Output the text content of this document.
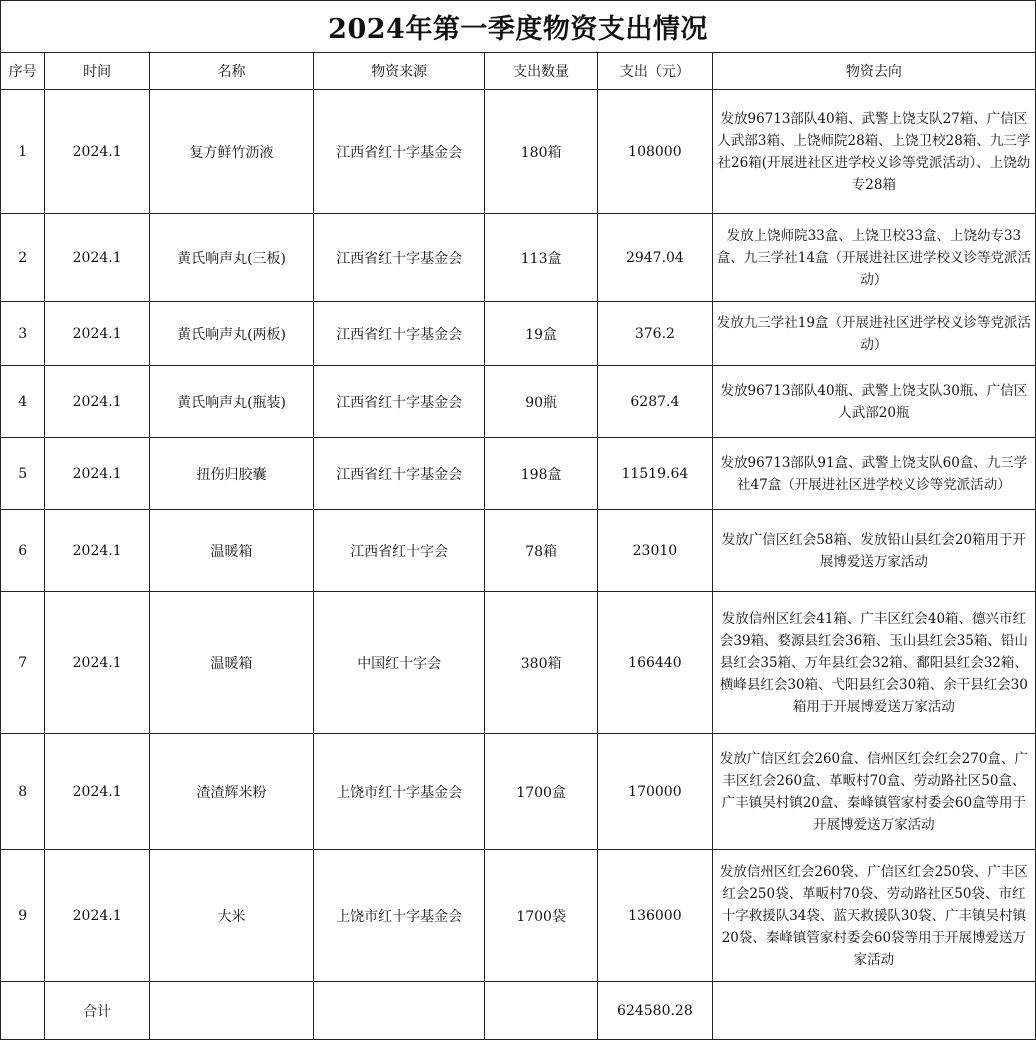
2024年第一季度物资支出情况
序号	时间	名称	物资来源	支出数量	支出（元）	物资去向
1	2024.1	复方鲜竹沥液	江西省红十字基金会	180箱	108000	发放96713部队40箱、武警上饶支队27箱、广信区人武部3箱、上饶师院28箱、上饶卫校28箱、九三学社26箱(开展进社区进学校义诊等党派活动）、上饶幼专28箱
2	2024.1	黄氏响声丸(三板)	江西省红十字基金会	113盒	2947.04	发放上饶师院33盒、上饶卫校33盒、上饶幼专33盒、九三学社14盒（开展进社区进学校义诊等党派活动）
3	2024.1	黄氏响声丸(两板)	江西省红十字基金会	19盒	376.2	发放九三学社19盒（开展进社区进学校义诊等党派活动）
4	2024.1	黄氏响声丸(瓶装)	江西省红十字基金会	90瓶	6287.4	发放96713部队40瓶、武警上饶支队30瓶、广信区人武部20瓶
5	2024.1	扭伤归胶囊	江西省红十字基金会	198盒	11519.64	发放96713部队91盒、武警上饶支队60盒、九三学社47盒（开展进社区进学校义诊等党派活动）
6	2024.1	温暖箱	江西省红十字会	78箱	23010	发放广信区红会58箱、发放铅山县红会20箱用于开展博爱送万家活动
7	2024.1	温暖箱	中国红十字会	380箱	166440	发放信州区红会41箱、广丰区红会40箱、德兴市红会39箱、婺源县红会36箱、玉山县红会35箱、铅山县红会35箱、万年县红会32箱、鄱阳县红会32箱、横峰县红会30箱、弋阳县红会30箱、余干县红会30箱用于开展博爱送万家活动
8	2024.1	渣渣辉米粉	上饶市红十字基金会	1700盒	170000	发放广信区红会260盒、信州区红会红会270盒、广丰区红会260盒、革畈村70盒、劳动路社区50盒、广丰镇吴村镇20盒、秦峰镇管家村委会60盒等用于开展博爱送万家活动
9	2024.1	大米	上饶市红十字基金会	1700袋	136000	发放信州区红会260袋、广信区红会250袋、广丰区红会250袋、革畈村70袋、劳动路社区50袋、市红十字救援队34袋、蓝天救援队30袋、广丰镇吴村镇20袋、秦峰镇管家村委会60袋等用于开展博爱送万家活动
	合计				624580.28	
